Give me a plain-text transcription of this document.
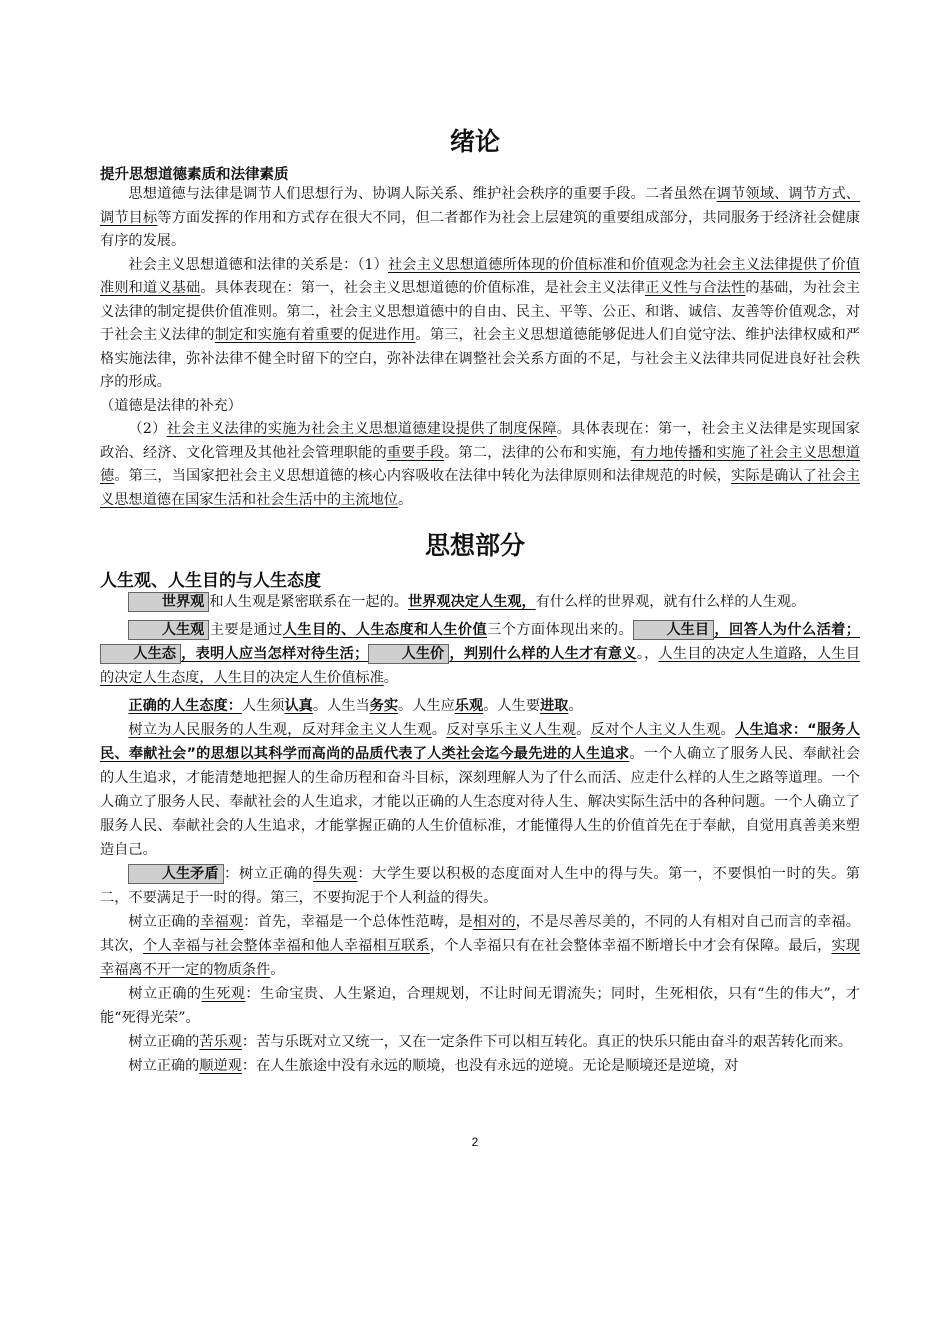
绪论
提升思想道德素质和法律素质

思想道德与法律是调节人们思想行为、协调人际关系、维护社会秩序的重要手段。二者虽然在调节领域、调节方式、调节目标等方面发挥的作用和方式存在很大不同，但二者都作为社会上层建筑的重要组成部分，共同服务于经济社会健康有序的发展。

社会主义思想道德和法律的关系是：（1）社会主义思想道德所体现的价值标准和价值观念为社会主义法律提供了价值准则和道义基础。具体表现在：第一，社会主义思想道德的价值标准，是社会主义法律正义性与合法性的基础，为社会主义法律的制定提供价值准则。第二，社会主义思想道德中的自由、民主、平等、公正、和谐、诚信、友善等价值观念，对于社会主义法律的制定和实施有着重要的促进作用。第三，社会主义思想道德能够促进人们自觉守法、维护法律权威和严格实施法律，弥补法律不健全时留下的空白，弥补法律在调整社会关系方面的不足，与社会主义法律共同促进良好社会秩序的形成。

（道德是法律的补充）

（2）社会主义法律的实施为社会主义思想道德建设提供了制度保障。具体表现在：第一，社会主义法律是实现国家政治、经济、文化管理及其他社会管理职能的重要手段。第二，法律的公布和实施，有力地传播和实施了社会主义思想道德。第三，当国家把社会主义思想道德的核心内容吸收在法律中转化为法律原则和法律规范的时候，实际是确认了社会主义思想道德在国家生活和社会生活中的主流地位。

思想部分
人生观、人生目的与人生态度

世界观 和人生观是紧密联系在一起的。世界观决定人生观，有什么样的世界观，就有什么样的人生观。

人生观 主要是通过人生目的、人生态度和人生价值三个方面体现出来的。 人生目 ，回答人为什么活着；人生态 ，表明人应当怎样对待生活； 人生价 ，判别什么样的人生才有意义。，人生目的决定人生道路，人生目的决定人生态度，人生目的决定人生价值标准。

正确的人生态度：人生须认真。人生当务实。人生应乐观。人生要进取。

树立为人民服务的人生观，反对拜金主义人生观。反对享乐主义人生观。反对个人主义人生观。人生追求：“服务人民、奉献社会”的思想以其科学而高尚的品质代表了人类社会迄今最先进的人生追求。一个人确立了服务人民、奉献社会的人生追求，才能清楚地把握人的生命历程和奋斗目标，深刻理解人为了什么而活、应走什么样的人生之路等道理。一个人确立了服务人民、奉献社会的人生追求，才能以正确的人生态度对待人生、解决实际生活中的各种问题。一个人确立了服务人民、奉献社会的人生追求，才能掌握正确的人生价值标准，才能懂得人生的价值首先在于奉献，自觉用真善美来塑造自己。

人生矛盾 ：树立正确的得失观：大学生要以积极的态度面对人生中的得与失。第一，不要惧怕一时的失。第二，不要满足于一时的得。第三，不要拘泥于个人利益的得失。

树立正确的幸福观：首先，幸福是一个总体性范畴，是相对的，不是尽善尽美的，不同的人有相对自己而言的幸福。其次，个人幸福与社会整体幸福和他人幸福相互联系，个人幸福只有在社会整体幸福不断增长中才会有保障。最后，实现幸福离不开一定的物质条件。

树立正确的生死观：生命宝贵、人生紧迫，合理规划，不让时间无谓流失；同时，生死相依，只有“生的伟大”，才能“死得光荣”。

树立正确的苦乐观：苦与乐既对立又统一，又在一定条件下可以相互转化。真正的快乐只能由奋斗的艰苦转化而来。

树立正确的顺逆观：在人生旅途中没有永远的顺境，也没有永远的逆境。无论是顺境还是逆境，对

2
